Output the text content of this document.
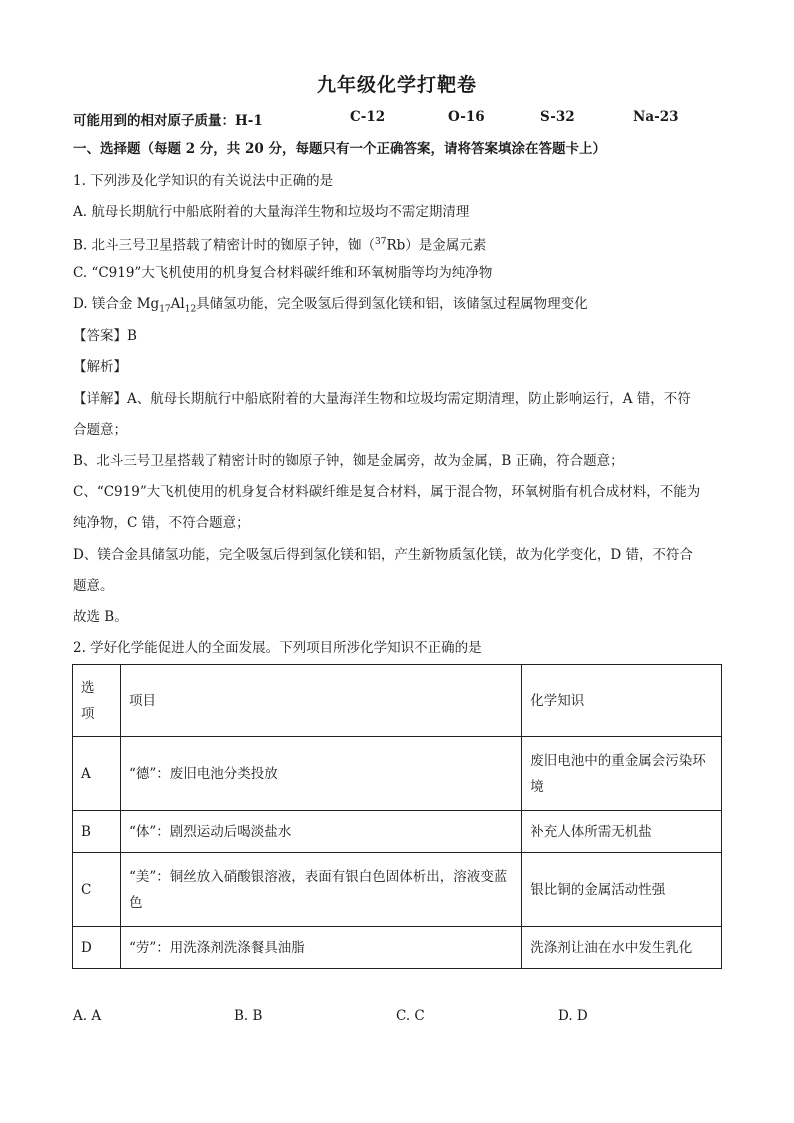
九年级化学打靶卷
可能用到的相对原子质量：H-1	C-12	O-16	S-32	Na-23
一、选择题（每题 2 分，共 20 分，每题只有一个正确答案，请将答案填涂在答题卡上）
1. 下列涉及化学知识的有关说法中正确的是
A. 航母长期航行中船底附着的大量海洋生物和垃圾均不需定期清理
B. 北斗三号卫星搭载了精密计时的铷原子钟，铷（$^{37}$Rb）是金属元素
C. “C919”大飞机使用的机身复合材料碳纤维和环氧树脂等均为纯净物
D. 镁合金 $Mg_{17}Al_{12}$具储氢功能，完全吸氢后得到氢化镁和铝，该储氢过程属物理变化
【答案】B
【解析】
【详解】A、航母长期航行中船底附着的大量海洋生物和垃圾均需定期清理，防止影响运行，A 错，不符
合题意；
B、北斗三号卫星搭载了精密计时的铷原子钟，铷是金属旁，故为金属，B 正确，符合题意；
C、“C919”大飞机使用的机身复合材料碳纤维是复合材料，属于混合物，环氧树脂有机合成材料，不能为
纯净物，C 错，不符合题意；
D、镁合金具储氢功能，完全吸氢后得到氢化镁和铝，产生新物质氢化镁，故为化学变化，D 错，不符合
题意。
故选 B。
2. 学好化学能促进人的全面发展。下列项目所涉化学知识不正确的是
选
项	项目	化学知识
A	“德”：废旧电池分类投放	废旧电池中的重金属会污染环境
B	“体”：剧烈运动后喝淡盐水	补充人体所需无机盐
C	“美”：铜丝放入硝酸银溶液，表面有银白色固体析出，溶液变蓝色	银比铜的金属活动性强
D	“劳”：用洗涤剂洗涤餐具油脂	洗涤剂让油在水中发生乳化
A. A	B. B	C. C	D. D
